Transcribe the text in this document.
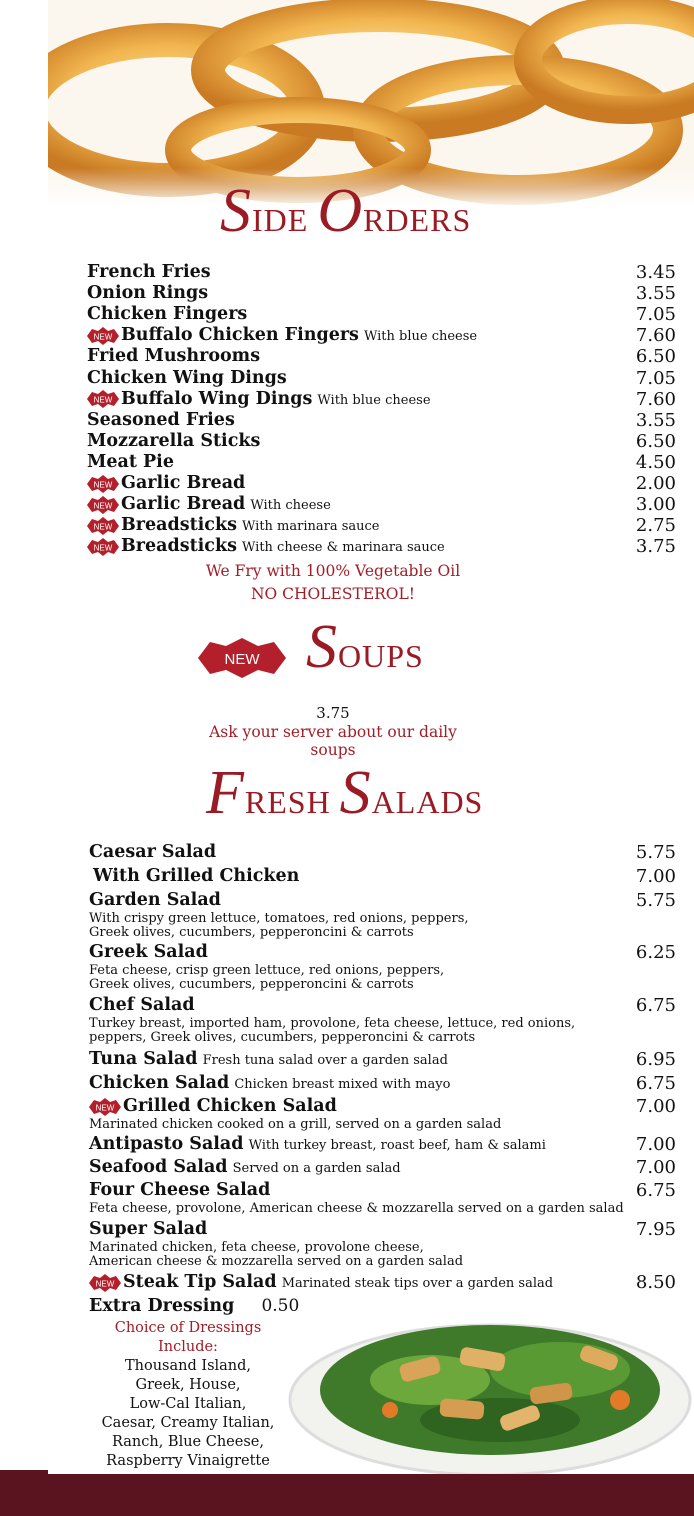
SIDE ORDERS
French Fries	3.45
Onion Rings	3.55
Chicken Fingers	7.05
NEW Buffalo Chicken Fingers With blue cheese	7.60
Fried Mushrooms	6.50
Chicken Wing Dings	7.05
NEW Buffalo Wing Dings With blue cheese	7.60
Seasoned Fries	3.55
Mozzarella Sticks	6.50
Meat Pie	4.50
NEW Garlic Bread	2.00
NEW Garlic Bread With cheese	3.00
NEW Breadsticks With marinara sauce	2.75
NEW Breadsticks With cheese & marinara sauce	3.75
We Fry with 100% Vegetable Oil
NO CHOLESTEROL!
NEW SOUPS
3.75
Ask your server about our daily soups
FRESH SALADS
Caesar Salad	5.75
With Grilled Chicken	7.00
Garden Salad	5.75
With crispy green lettuce, tomatoes, red onions, peppers,
Greek olives, cucumbers, pepperoncini & carrots
Greek Salad	6.25
Feta cheese, crisp green lettuce, red onions, peppers,
Greek olives, cucumbers, pepperoncini & carrots
Chef Salad	6.75
Turkey breast, imported ham, provolone, feta cheese, lettuce, red onions,
peppers, Greek olives, cucumbers, pepperoncini & carrots
Tuna Salad Fresh tuna salad over a garden salad	6.95
Chicken Salad Chicken breast mixed with mayo	6.75
NEW Grilled Chicken Salad	7.00
Marinated chicken cooked on a grill, served on a garden salad
Antipasto Salad With turkey breast, roast beef, ham & salami	7.00
Seafood Salad Served on a garden salad	7.00
Four Cheese Salad	6.75
Feta cheese, provolone, American cheese & mozzarella served on a garden salad
Super Salad	7.95
Marinated chicken, feta cheese, provolone cheese,
American cheese & mozzarella served on a garden salad
NEW Steak Tip Salad Marinated steak tips over a garden salad	8.50
Extra Dressing 0.50
Choice of Dressings
Include:
Thousand Island,
Greek, House,
Low-Cal Italian,
Caesar, Creamy Italian,
Ranch, Blue Cheese,
Raspberry Vinaigrette
